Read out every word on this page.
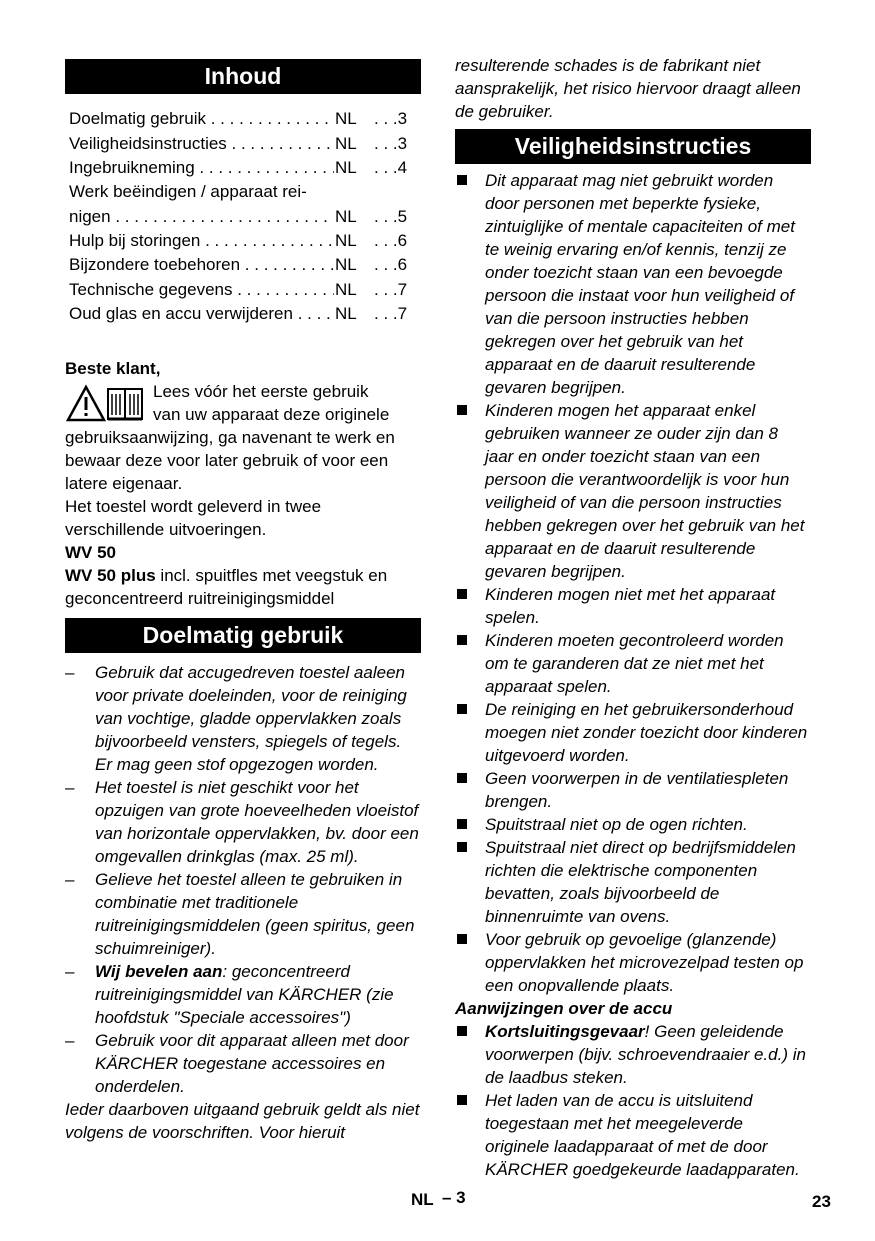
Inhoud
Doelmatig gebruik . . .	NL . . .3
Veiligheidsinstructies . . .	NL . . .3
Ingebruikneming . . .	NL . . .4
Werk beëindigen / apparaat rei-
nigen . . .	NL . . .5
Hulp bij storingen . . .	NL . . .6
Bijzondere toebehoren . . .	NL . . .6
Technische gegevens . . .	NL . . .7
Oud glas en accu verwijderen . . . NL . . .7

Beste klant,

Lees vóór het eerste gebruik

van uw apparaat deze originele

gebruiksaanwijzing, ga navenant te werk en bewaar deze voor later gebruik of voor een latere eigenaar.

Het toestel wordt geleverd in twee verschillende uitvoeringen.

WV 50

WV 50 plus incl. spuitfles met veegstuk en geconcentreerd ruitreinigingsmiddel

Doelmatig gebruik
– Gebruik dat accugedreven toestel aaleen voor private doeleinden, voor de reiniging van vochtige, gladde oppervlakken zoals bijvoorbeeld vensters, spiegels of tegels. Er mag geen stof opgezogen worden.
– Het toestel is niet geschikt voor het opzuigen van grote hoeveelheden vloeistof van horizontale oppervlakken, bv. door een omgevallen drinkglas (max. 25 ml).
– Gelieve het toestel alleen te gebruiken in combinatie met traditionele ruitreinigingsmiddelen (geen spiritus, geen schuimreiniger).
– Wij bevelen aan: geconcentreerd ruitreinigingsmiddel van KÄRCHER (zie hoofdstuk "Speciale accessoires")
– Gebruik voor dit apparaat alleen met door KÄRCHER toegestane accessoires en onderdelen.

Ieder daarboven uitgaand gebruik geldt als niet volgens de voorschriften. Voor hieruit

resulterende schades is de fabrikant niet aansprakelijk, het risico hiervoor draagt alleen de gebruiker.

Veiligheidsinstructies
Dit apparaat mag niet gebruikt worden door personen met beperkte fysieke, zintuiglijke of mentale capaciteiten of met te weinig ervaring en/of kennis, tenzij ze onder toezicht staan van een bevoegde persoon die instaat voor hun veiligheid of van die persoon instructies hebben gekregen over het gebruik van het apparaat en de daaruit resulterende gevaren begrijpen.
Kinderen mogen het apparaat enkel gebruiken wanneer ze ouder zijn dan 8 jaar en onder toezicht staan van een persoon die verantwoordelijk is voor hun veiligheid of van die persoon instructies hebben gekregen over het gebruik van het apparaat en de daaruit resulterende gevaren begrijpen.
Kinderen mogen niet met het apparaat spelen.
Kinderen moeten gecontroleerd worden om te garanderen dat ze niet met het apparaat spelen.
De reiniging en het gebruikersonderhoud moegen niet zonder toezicht door kinderen uitgevoerd worden.
Geen voorwerpen in de ventilatiespleten brengen.
Spuitstraal niet op de ogen richten.
Spuitstraal niet direct op bedrijfsmiddelen richten die elektrische componenten bevatten, zoals bijvoorbeeld de binnenruimte van ovens.
Voor gebruik op gevoelige (glanzende) oppervlakken het microvezelpad testen op een onopvallende plaats.

Aanwijzingen over de accu

Kortsluitingsgevaar! Geen geleidende voorwerpen (bijv. schroevendraaier e.d.) in de laadbus steken.
Het laden van de accu is uitsluitend toegestaan met het meegeleverde originele laadapparaat of met de door KÄRCHER goedgekeurde laadapparaten.
NL – 3	23
